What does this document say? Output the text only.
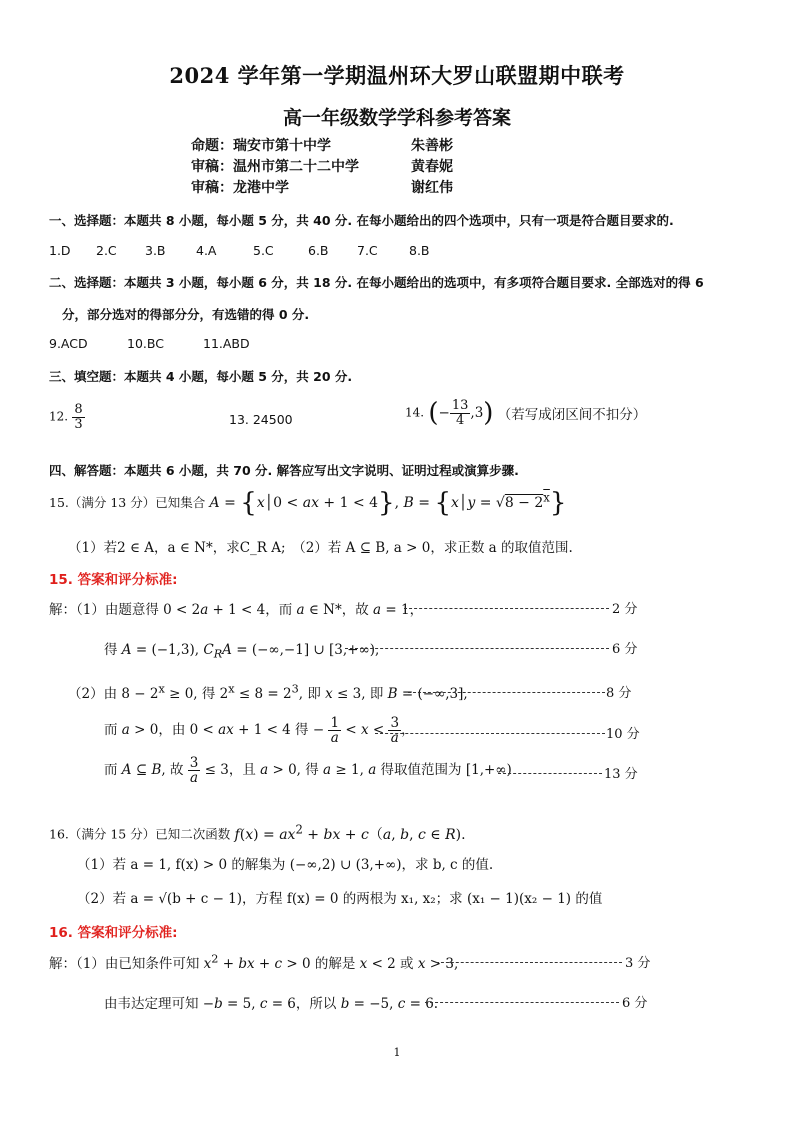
2024 学年第一学期温州环大罗山联盟期中联考
高一年级数学学科参考答案
命题：瑞安市第十中学	朱善彬
审稿：温州市第二十二中学	黄春妮
审稿：龙港中学	谢红伟
一、选择题：本题共 8 小题，每小题 5 分，共 40 分. 在每小题给出的四个选项中，只有一项是符合题目要求的.
1.D 2.C 3.B 4.A	5.C	6.B 7.C	8.B
二、选择题：本题共 3 小题，每小题 6 分，共 18 分. 在每小题给出的选项中，有多项符合题目要求. 全部选对的得 6
分，部分选对的得部分分，有选错的得 0 分.
9.ACD	10.BC	11.ABD
三、填空题：本题共 4 小题，每小题 5 分，共 20 分.
12. $\frac{8}{3}$	13. 24500	14. (− $\frac{13}{4} ,3$) （若写成闭区间不扣分）
四、解答题：本题共 6 小题，共 70 分. 解答应写出文字说明、证明过程或演算步骤.
15.（满分 13 分）已知集合 A = {x│0 < ax + 1 < 4}, B = {x│y = $√8 - 2^x$}
（1）若2 ∈ A，a ∈ N*，求C_R A;　（2）若 A ⊆ B, a > 0，求正数 a 的取值范围.
15. 答案和评分标准:
解：（1）由题意得 0 < 2a + 1 < 4，而 a ∈ N*，故 a = 1，	2 分
得 A = (−1,3), $C_RA = (-\infty,-1]$ ∪ [3,+∞),	6 分
（2）由 $8 - 2^x \ge 0$, 得 $2^x \le 8 = 2^3$, 即 x ≤ 3, 即 B = (−∞,3],	8 分
而 a > 0，由 0 < ax + 1 < 4 得 − $\frac{1}{a} < x < \frac{3}{a}$ ，	10 分
而 A ⊆ B, 故 $\frac{3}{a} \le 3$，且 a > 0, 得 a ≥ 1, a 得取值范围为 [1,+∞)	13 分
16.（满分 15 分）已知二次函数 $f(x) = ax^2$ + bx + c（a, b, c ∈ R).
（1）若 a = 1, f(x) > 0 的解集为 (−∞,2) ∪ (3,+∞)，求 b, c 的值.
（2）若 a = √(b + c − 1)，方程 f(x) = 0 的两根为 x₁, x₂；求 (x₁ − 1)(x₂ − 1) 的值
16. 答案和评分标准:
解：（1）由已知条件可知 $x^2$ + bx + c > 0 的解是 x < 2 或 x > 3,	3 分
由韦达定理可知 −b = 5, c = 6，所以 b = −5, c = 6.	6 分
1
